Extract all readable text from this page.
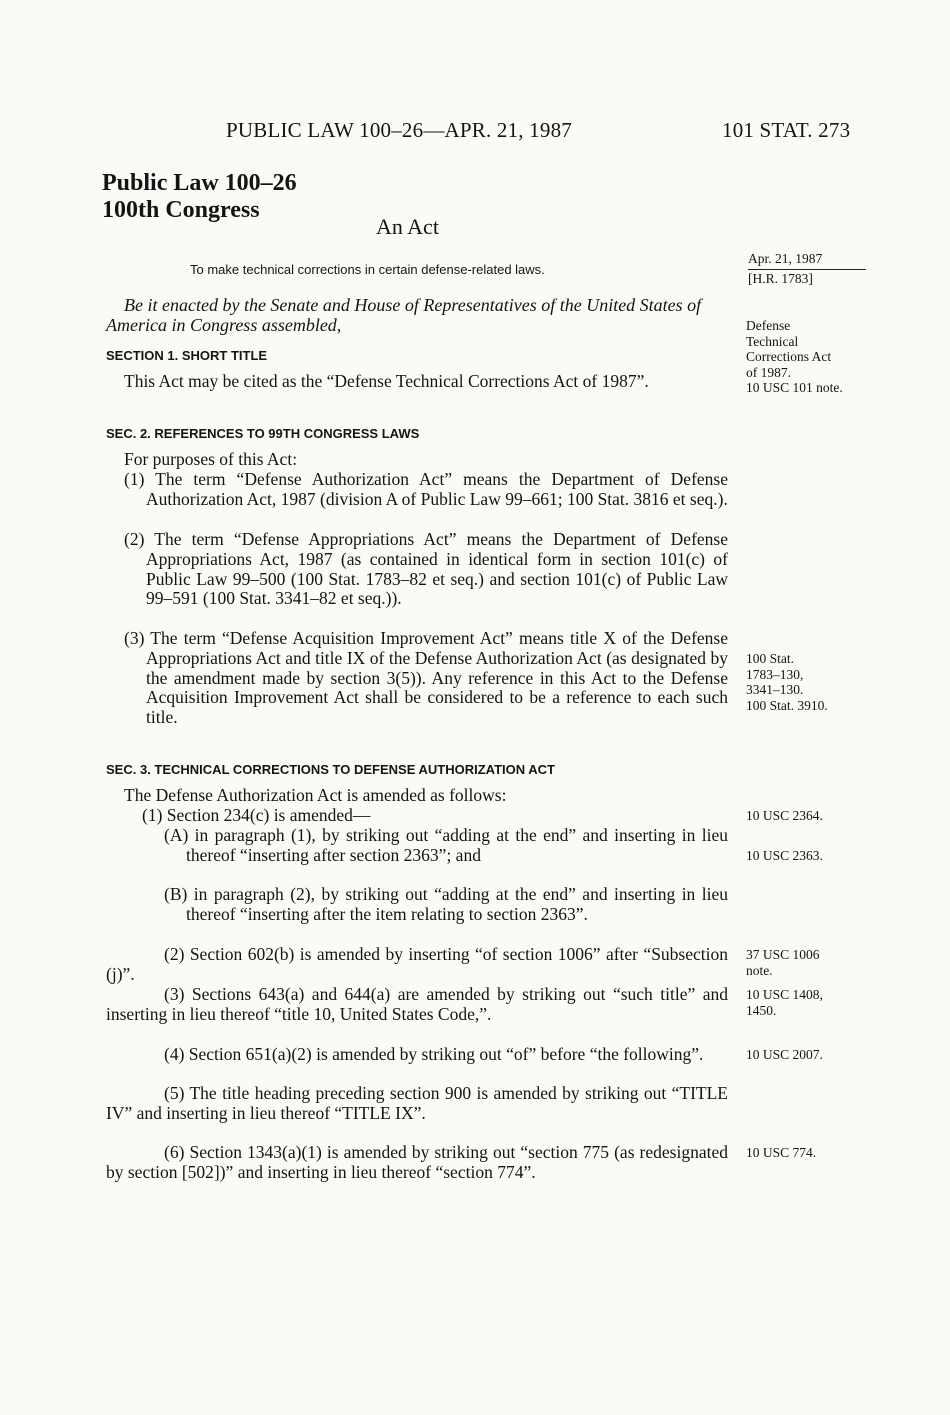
PUBLIC LAW 100–26—APR. 21, 1987	101 STAT. 273
Public Law 100–26
100th Congress
An Act
To make technical corrections in certain defense-related laws.
Apr. 21, 1987
[H.R. 1783]

Be it enacted by the Senate and House of Representatives of the United States of America in Congress assembled,

SECTION 1. SHORT TITLE

This Act may be cited as the “Defense Technical Corrections Act of 1987”.

SEC. 2. REFERENCES TO 99TH CONGRESS LAWS

For purposes of this Act:

(1) The term “Defense Authorization Act” means the Department of Defense Authorization Act, 1987 (division A of Public Law 99–661; 100 Stat. 3816 et seq.).

(2) The term “Defense Appropriations Act” means the Department of Defense Appropriations Act, 1987 (as contained in identical form in section 101(c) of Public Law 99–500 (100 Stat. 1783–82 et seq.) and section 101(c) of Public Law 99–591 (100 Stat. 3341–82 et seq.)).

(3) The term “Defense Acquisition Improvement Act” means title X of the Defense Appropriations Act and title IX of the Defense Authorization Act (as designated by the amendment made by section 3(5)). Any reference in this Act to the Defense Acquisition Improvement Act shall be considered to be a reference to each such title.

SEC. 3. TECHNICAL CORRECTIONS TO DEFENSE AUTHORIZATION ACT

The Defense Authorization Act is amended as follows:

(1) Section 234(c) is amended—

(A) in paragraph (1), by striking out “adding at the end” and inserting in lieu thereof “inserting after section 2363”; and

(B) in paragraph (2), by striking out “adding at the end” and inserting in lieu thereof “inserting after the item relating to section 2363”.

(2) Section 602(b) is amended by inserting “of section 1006” after “Subsection (j)”.

(3) Sections 643(a) and 644(a) are amended by striking out “such title” and inserting in lieu thereof “title 10, United States Code,”.

(4) Section 651(a)(2) is amended by striking out “of” before “the following”.

(5) The title heading preceding section 900 is amended by striking out “TITLE IV” and inserting in lieu thereof “TITLE IX”.

(6) Section 1343(a)(1) is amended by striking out “section 775 (as redesignated by section [502])” and inserting in lieu thereof “section 774”.

Defense
Technical
Corrections Act
of 1987.
10 USC 101 note.
100 Stat.
1783–130,
3341–130.
100 Stat. 3910.
10 USC 2364.
10 USC 2363.
37 USC 1006
note.
10 USC 1408,
1450.
10 USC 2007.
10 USC 774.
